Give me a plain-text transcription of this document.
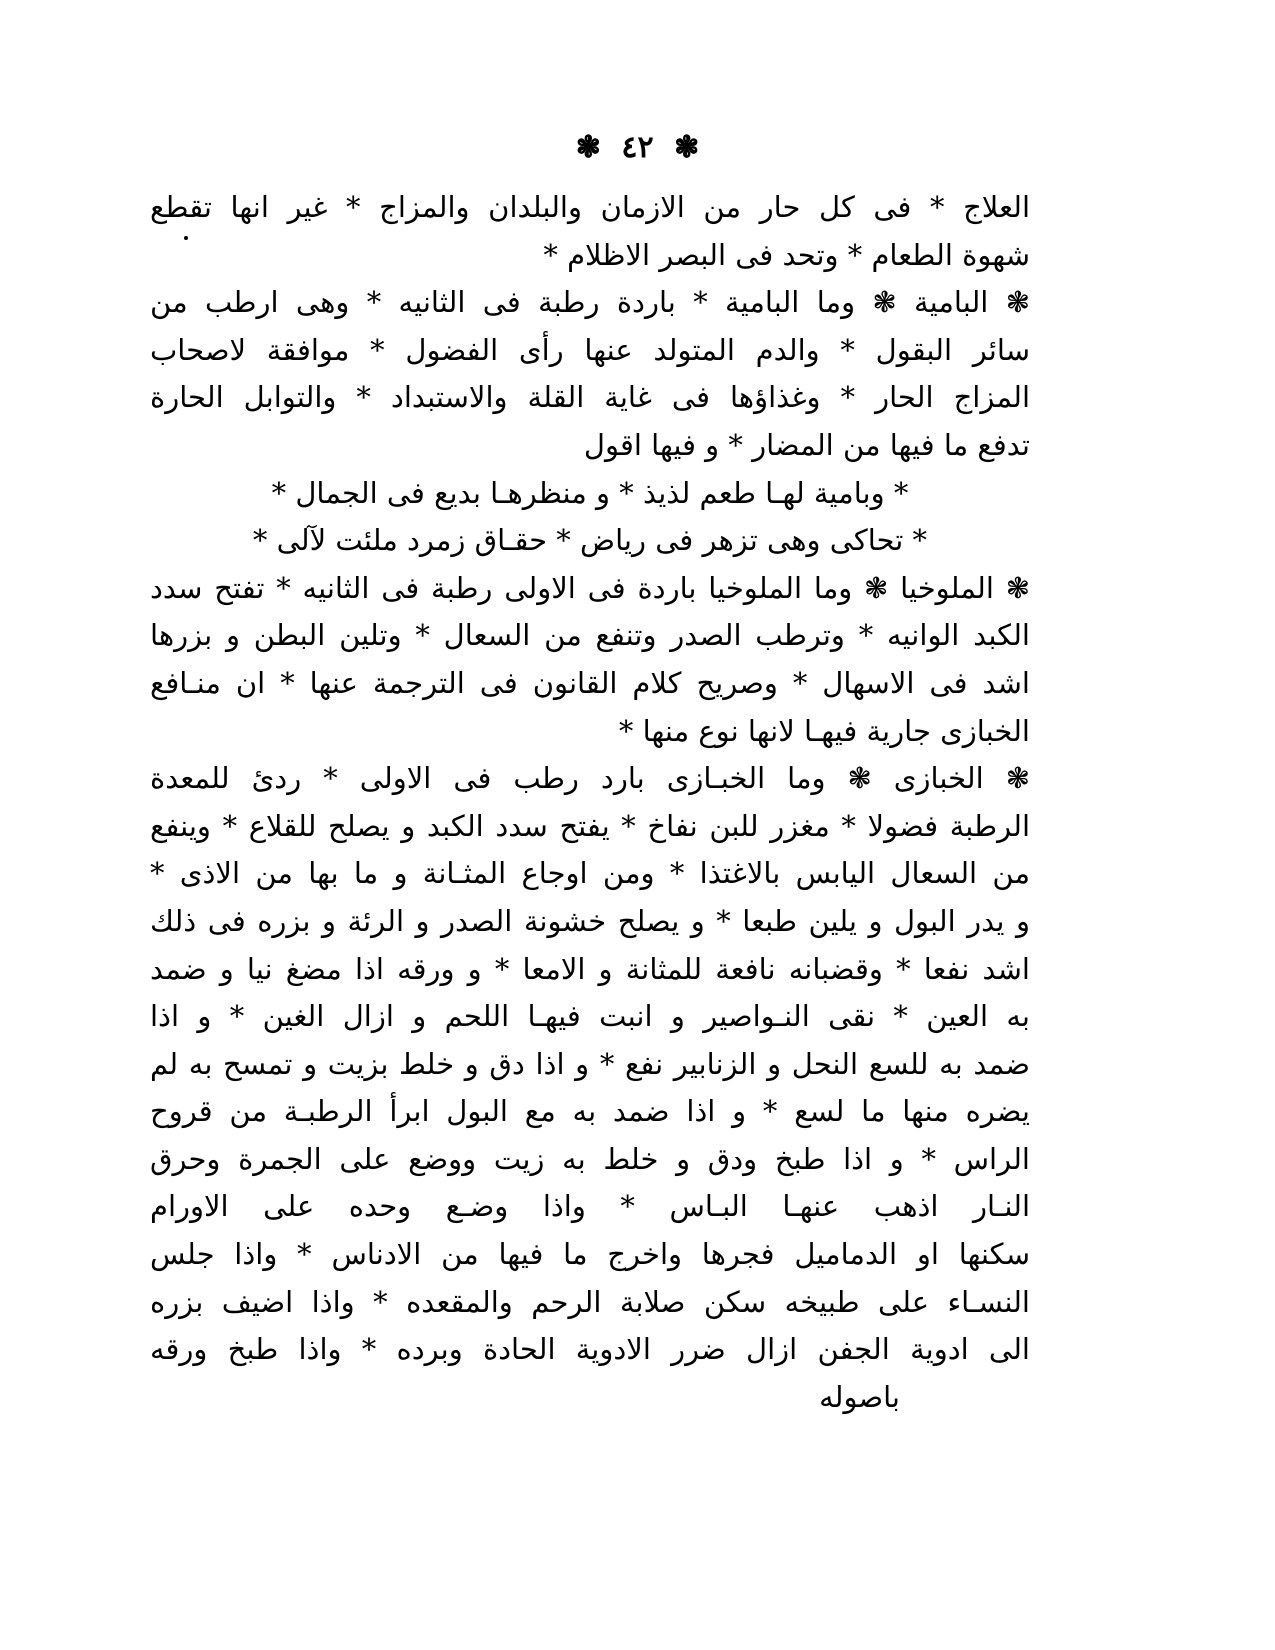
❃ ٤٢ ❃
العلاج * فى كل حار من الازمان والبلدان والمزاج * غير انها تقطع
شهوة الطعام * وتحد فى البصر الاظلام *
❃ البامية ❃ وما البامية * باردة رطبة فى الثانيه * وهى ارطب من
سائر البقول * والدم المتولد عنها رأى الفضول * موافقة لاصحاب
المزاج الحار * وغذاؤها فى غاية القلة والاستبداد * والتوابل الحارة
تدفع ما فيها من المضار * و فيها اقول
* وبامية لهـا طعم لذيذ * و منظرهـا بديع فى الجمال *
* تحاكى وهى تزهر فى رياض * حقـاق زمرد ملئت لآلى *
❃ الملوخيا ❃ وما الملوخيا باردة فى الاولى رطبة فى الثانيه * تفتح سدد
الكبد الوانيه * وترطب الصدر وتنفع من السعال * وتلين البطن و بزرها
اشد فى الاسهال * وصريح كلام القانون فى الترجمة عنها * ان منـافع
الخبازى جارية فيهـا لانها نوع منها *
❃ الخبازى ❃ وما الخبـازى بارد رطب فى الاولى * ردئ للمعدة
الرطبة فضولا * مغزر للبن نفاخ * يفتح سدد الكبد و يصلح للقلاع * وينفع
من السعال اليابس بالاغتذا * ومن اوجاع المثـانة و ما بها من الاذى *
و يدر البول و يلين طبعا * و يصلح خشونة الصدر و الرئة و بزره فى ذلك
اشد نفعا * وقضبانه نافعة للمثانة و الامعا * و ورقه اذا مضغ نيا و ضمد
به العين * نقى النـواصير و انبت فيهـا اللحم و ازال الغين * و اذا
ضمد به للسع النحل و الزنابير نفع * و اذا دق و خلط بزيت و تمسح به لم
يضره منها ما لسع * و اذا ضمد به مع البول ابرأ الرطبـة من قروح
الراس * و اذا طبخ ودق و خلط به زيت ووضع على الجمرة وحرق
النـار اذهب عنهـا البـاس * واذا وضـع وحده على الاورام
سكنها او الدماميل فجرها واخرج ما فيها من الادناس * واذا جلس
النسـاء على طبيخه سكن صلابة الرحم والمقعده * واذا اضيف بزره
الى ادوية الجفن ازال ضرر الادوية الحادة وبرده * واذا طبخ ورقه
باصوله
